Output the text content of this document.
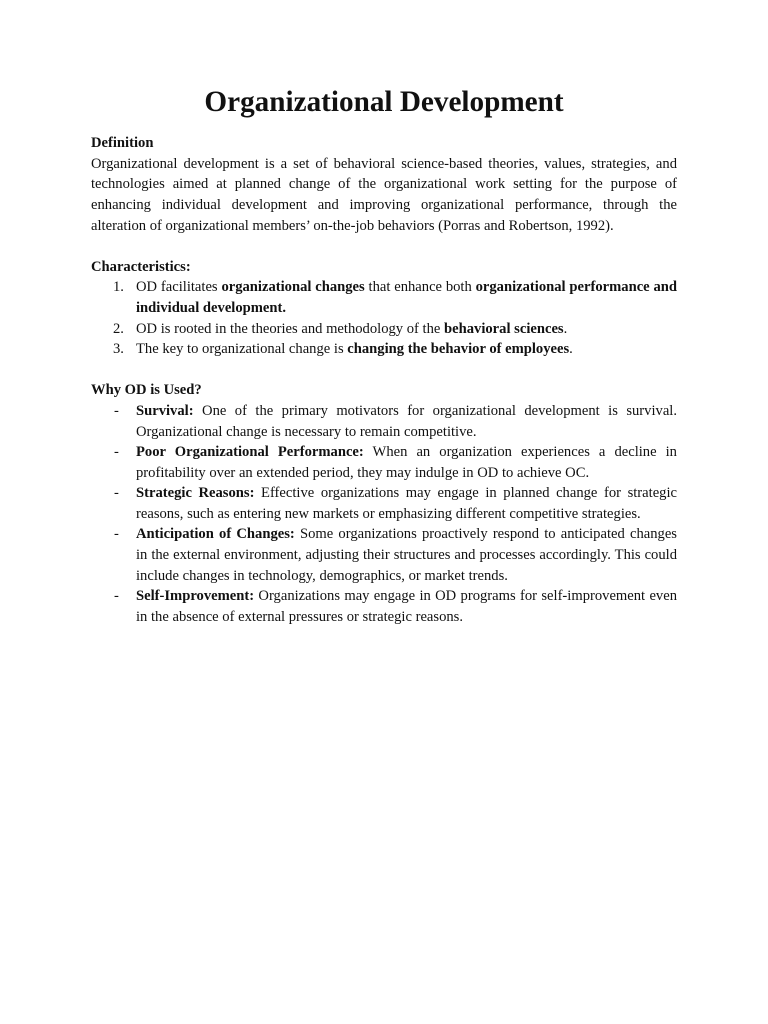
Organizational Development
Definition

Organizational development is a set of behavioral science-based theories, values, strategies, and technologies aimed at planned change of the organizational work setting for the purpose of enhancing individual development and improving organizational performance, through the alteration of organizational members’ on-the-job behaviors (Porras and Robertson, 1992).

Characteristics:
1. OD facilitates organizational changes that enhance both organizational performance and individual development.
2. OD is rooted in the theories and methodology of the behavioral sciences.
3. The key to organizational change is changing the behavior of employees.
Why OD is Used?
- Survival: One of the primary motivators for organizational development is survival. Organizational change is necessary to remain competitive.
- Poor Organizational Performance: When an organization experiences a decline in profitability over an extended period, they may indulge in OD to achieve OC.
- Strategic Reasons: Effective organizations may engage in planned change for strategic reasons, such as entering new markets or emphasizing different competitive strategies.
- Anticipation of Changes: Some organizations proactively respond to anticipated changes in the external environment, adjusting their structures and processes accordingly. This could include changes in technology, demographics, or market trends.
- Self-Improvement: Organizations may engage in OD programs for self-improvement even in the absence of external pressures or strategic reasons.
